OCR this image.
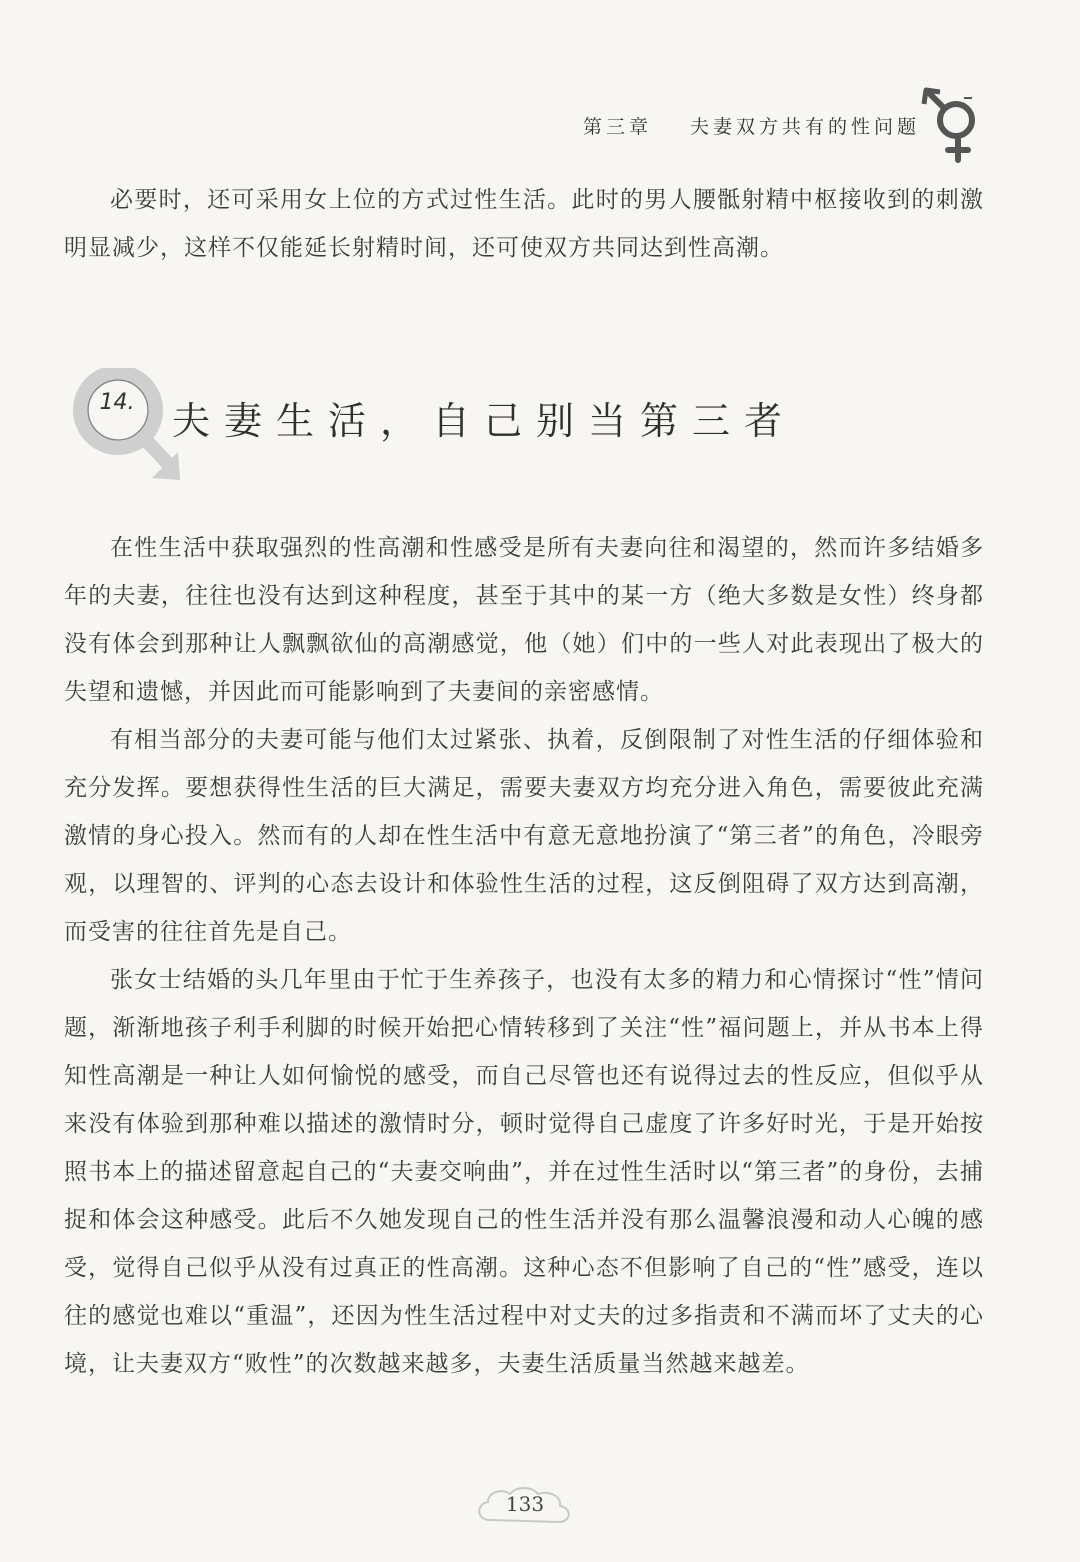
第三章 夫妻双方共有的性问题

必要时，还可采用女上位的方式过性生活。此时的男人腰骶射精中枢接收到的刺激明显减少，这样不仅能延长射精时间，还可使双方共同达到性高潮。

14. 夫妻生活，自己别当第三者

在性生活中获取强烈的性高潮和性感受是所有夫妻向往和渴望的，然而许多结婚多年的夫妻，往往也没有达到这种程度，甚至于其中的某一方（绝大多数是女性）终身都没有体会到那种让人飘飘欲仙的高潮感觉，他（她）们中的一些人对此表现出了极大的失望和遗憾，并因此而可能影响到了夫妻间的亲密感情。

有相当部分的夫妻可能与他们太过紧张、执着，反倒限制了对性生活的仔细体验和充分发挥。要想获得性生活的巨大满足，需要夫妻双方均充分进入角色，需要彼此充满激情的身心投入。然而有的人却在性生活中有意无意地扮演了“第三者”的角色，冷眼旁观，以理智的、评判的心态去设计和体验性生活的过程，这反倒阻碍了双方达到高潮，而受害的往往首先是自己。

张女士结婚的头几年里由于忙于生养孩子，也没有太多的精力和心情探讨“性”情问题，渐渐地孩子利手利脚的时候开始把心情转移到了关注“性”福问题上，并从书本上得知性高潮是一种让人如何愉悦的感受，而自己尽管也还有说得过去的性反应，但似乎从来没有体验到那种难以描述的激情时分，顿时觉得自己虚度了许多好时光，于是开始按照书本上的描述留意起自己的“夫妻交响曲”，并在过性生活时以“第三者”的身份，去捕捉和体会这种感受。此后不久她发现自己的性生活并没有那么温馨浪漫和动人心魄的感受，觉得自己似乎从没有过真正的性高潮。这种心态不但影响了自己的“性”感受，连以往的感觉也难以“重温”，还因为性生活过程中对丈夫的过多指责和不满而坏了丈夫的心境，让夫妻双方“败性”的次数越来越多，夫妻生活质量当然越来越差。

133
